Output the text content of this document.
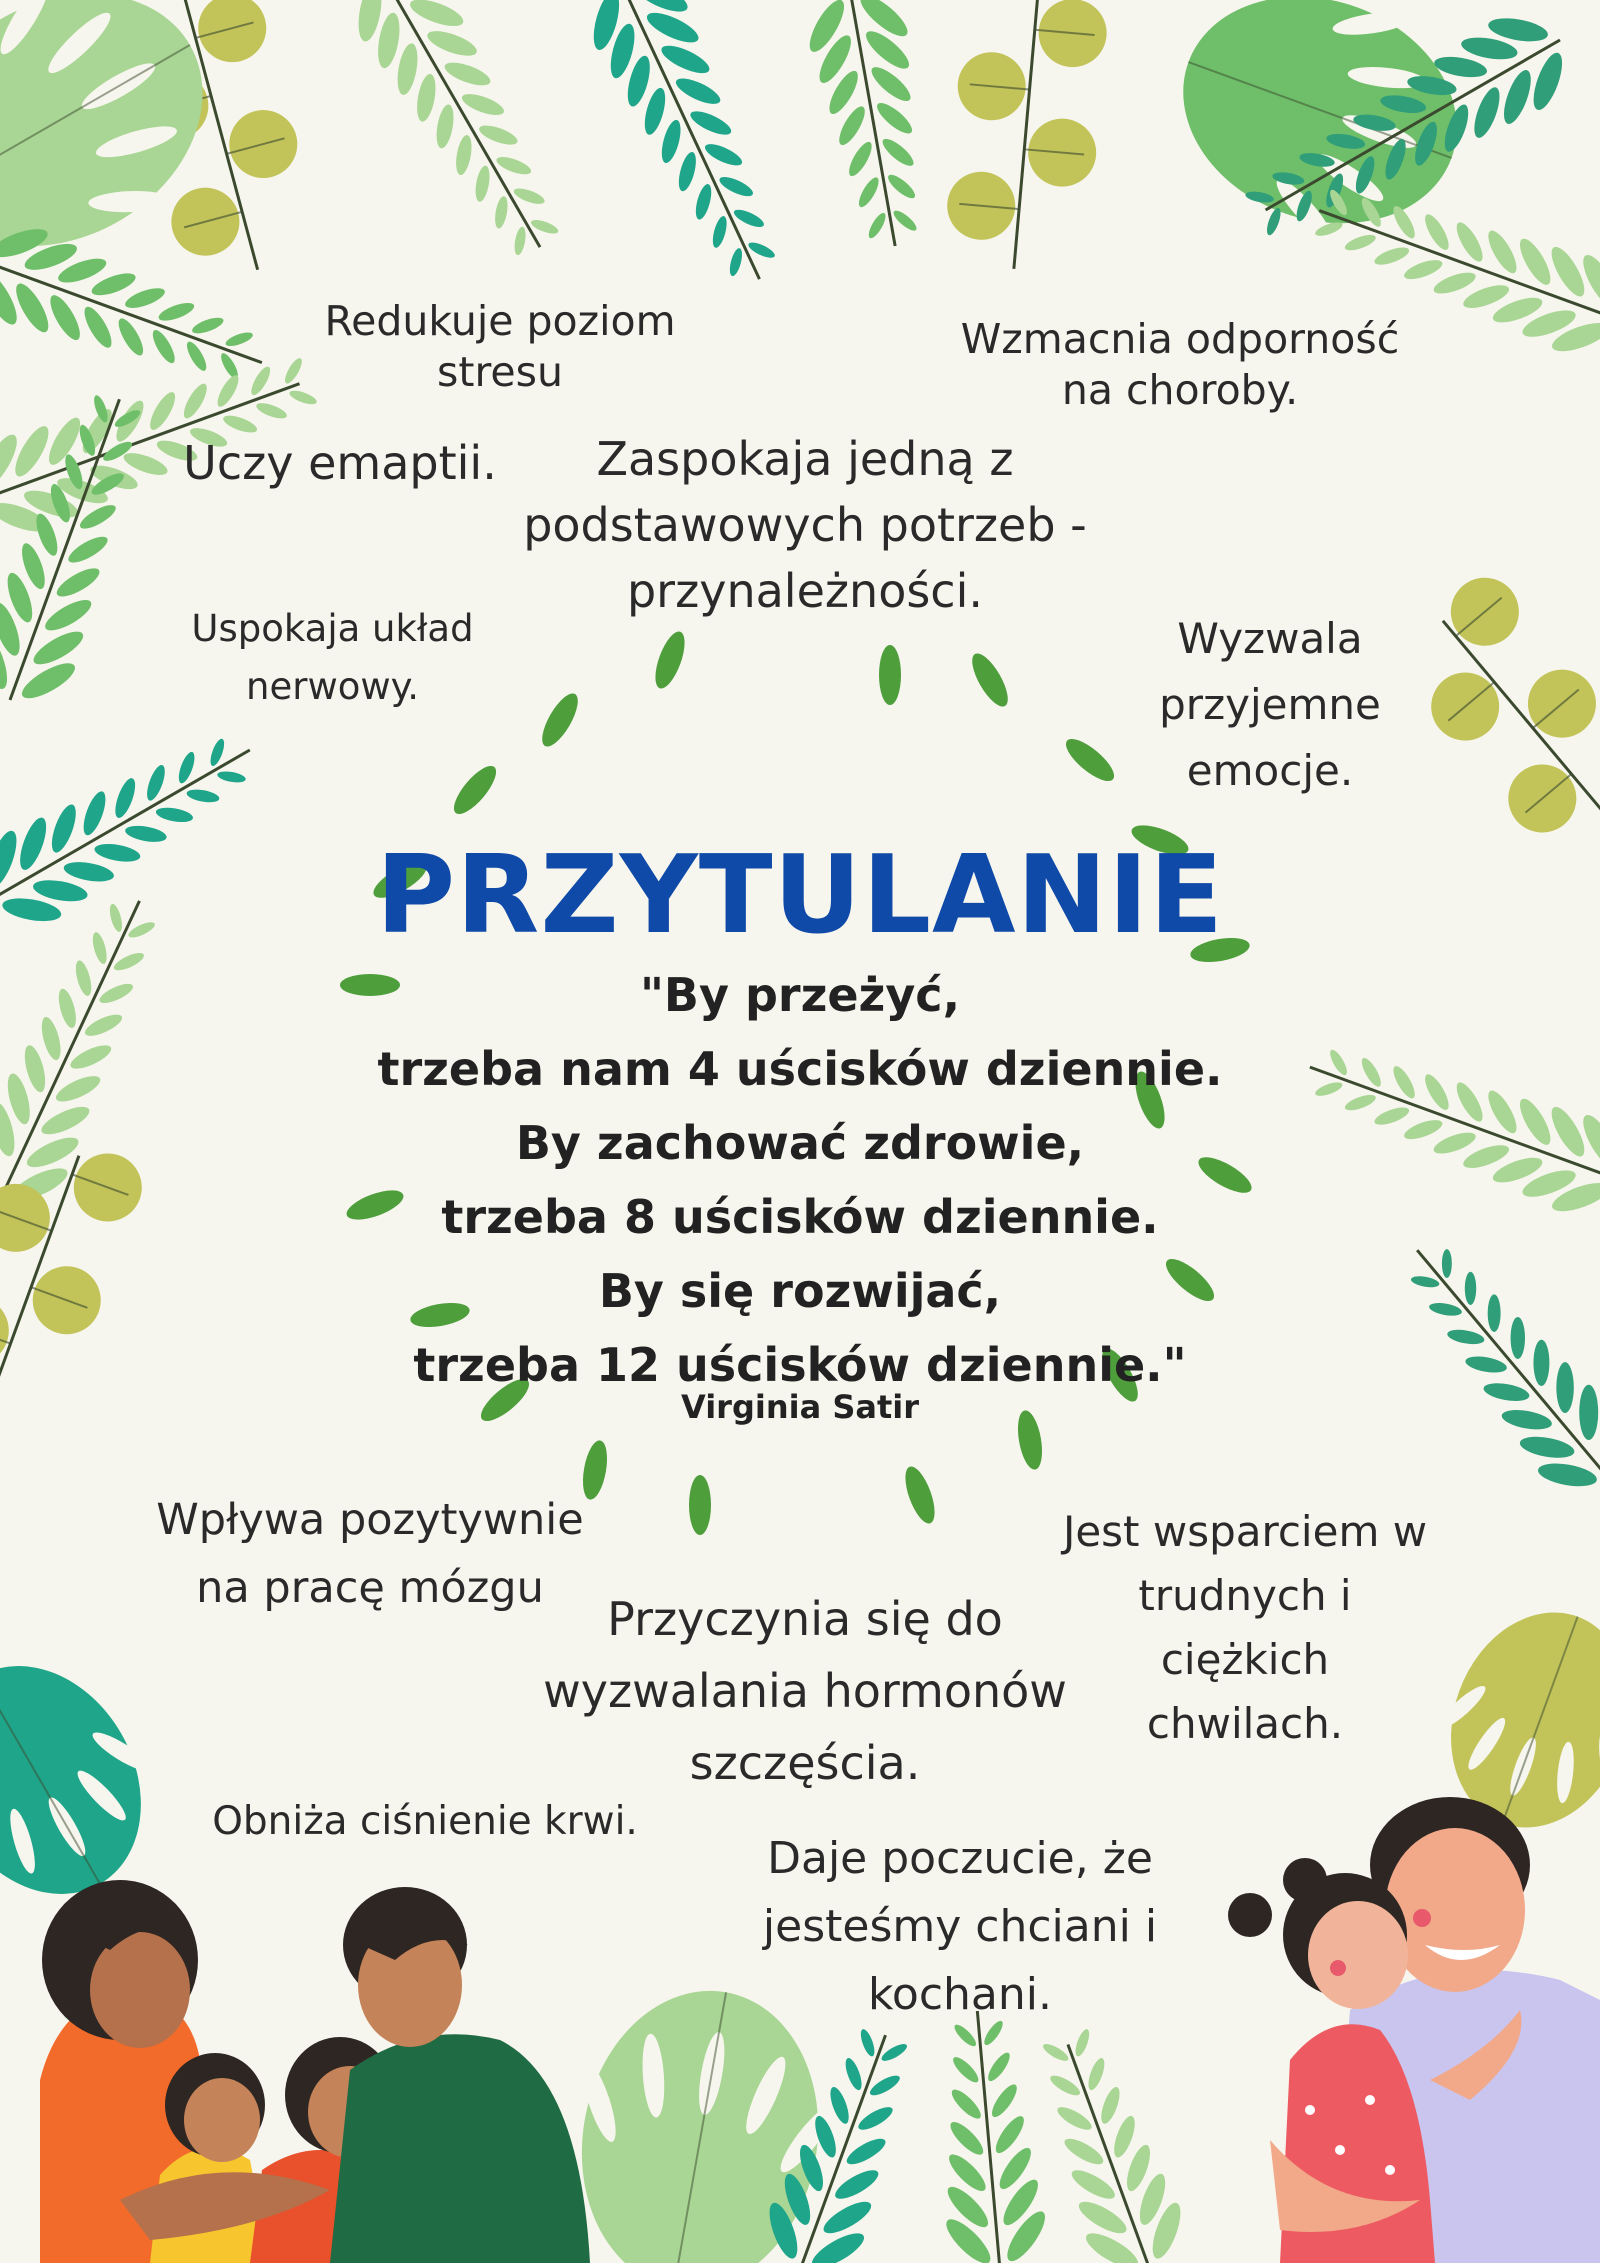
PRZYTULANIE
"By przeżyć,
trzeba nam 4 uścisków dziennie.
By zachować zdrowie,
trzeba 8 uścisków dziennie.
By się rozwijać,
trzeba 12 uścisków dziennie."
Virginia Satir
Redukuje poziom
stresu
Wzmacnia odporność
na choroby.
Uczy emaptii.	Zaspokaja jedną z
podstawowych potrzeb -
przynależności.
Uspokaja układ
nerwowy.
Wyzwala przyjemne
emocje.
Wpływa pozytywnie
na pracę mózgu
Jest wsparciem w
trudnych i ciężkich
chwilach.
Przyczynia się do
wyzwalania hormonów
szczęścia.
Obniża ciśnienie krwi.
Daje poczucie, że
jesteśmy chciani i
kochani.
